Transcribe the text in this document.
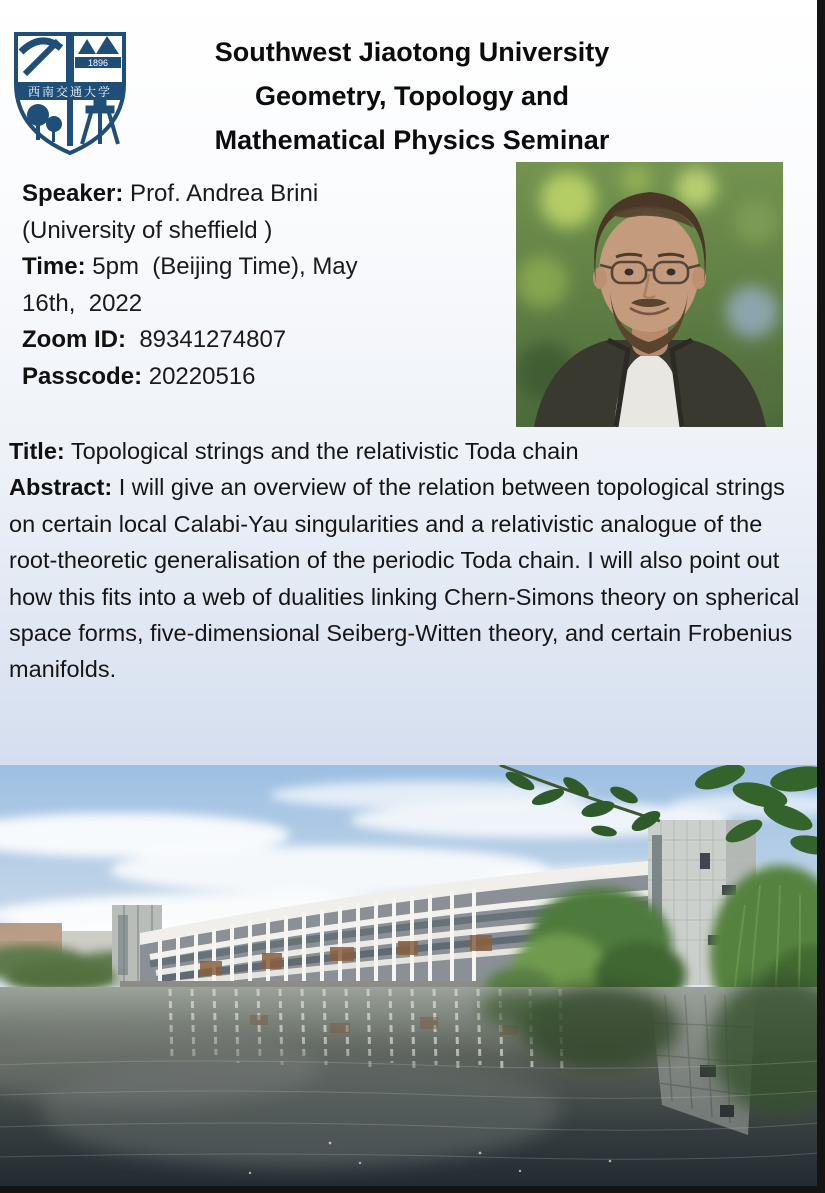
1896
西南交通大学
Southwest Jiaotong University
Geometry, Topology and
Mathematical Physics Seminar
Speaker: Prof. Andrea Brini
(University of sheffield )
Time: 5pm  (Beijing Time), May
16th,  2022
Zoom ID:  89341274807
Passcode: 20220516

Title: Topological strings and the relativistic Toda chain

Abstract: I will give an overview of the relation between topological strings on certain local Calabi-Yau singularities and a relativistic analogue of the root-theoretic generalisation of the periodic Toda chain. I will also point out how this fits into a web of dualities linking Chern-Simons theory on spherical space forms, five-dimensional Seiberg-Witten theory, and certain Frobenius manifolds.
